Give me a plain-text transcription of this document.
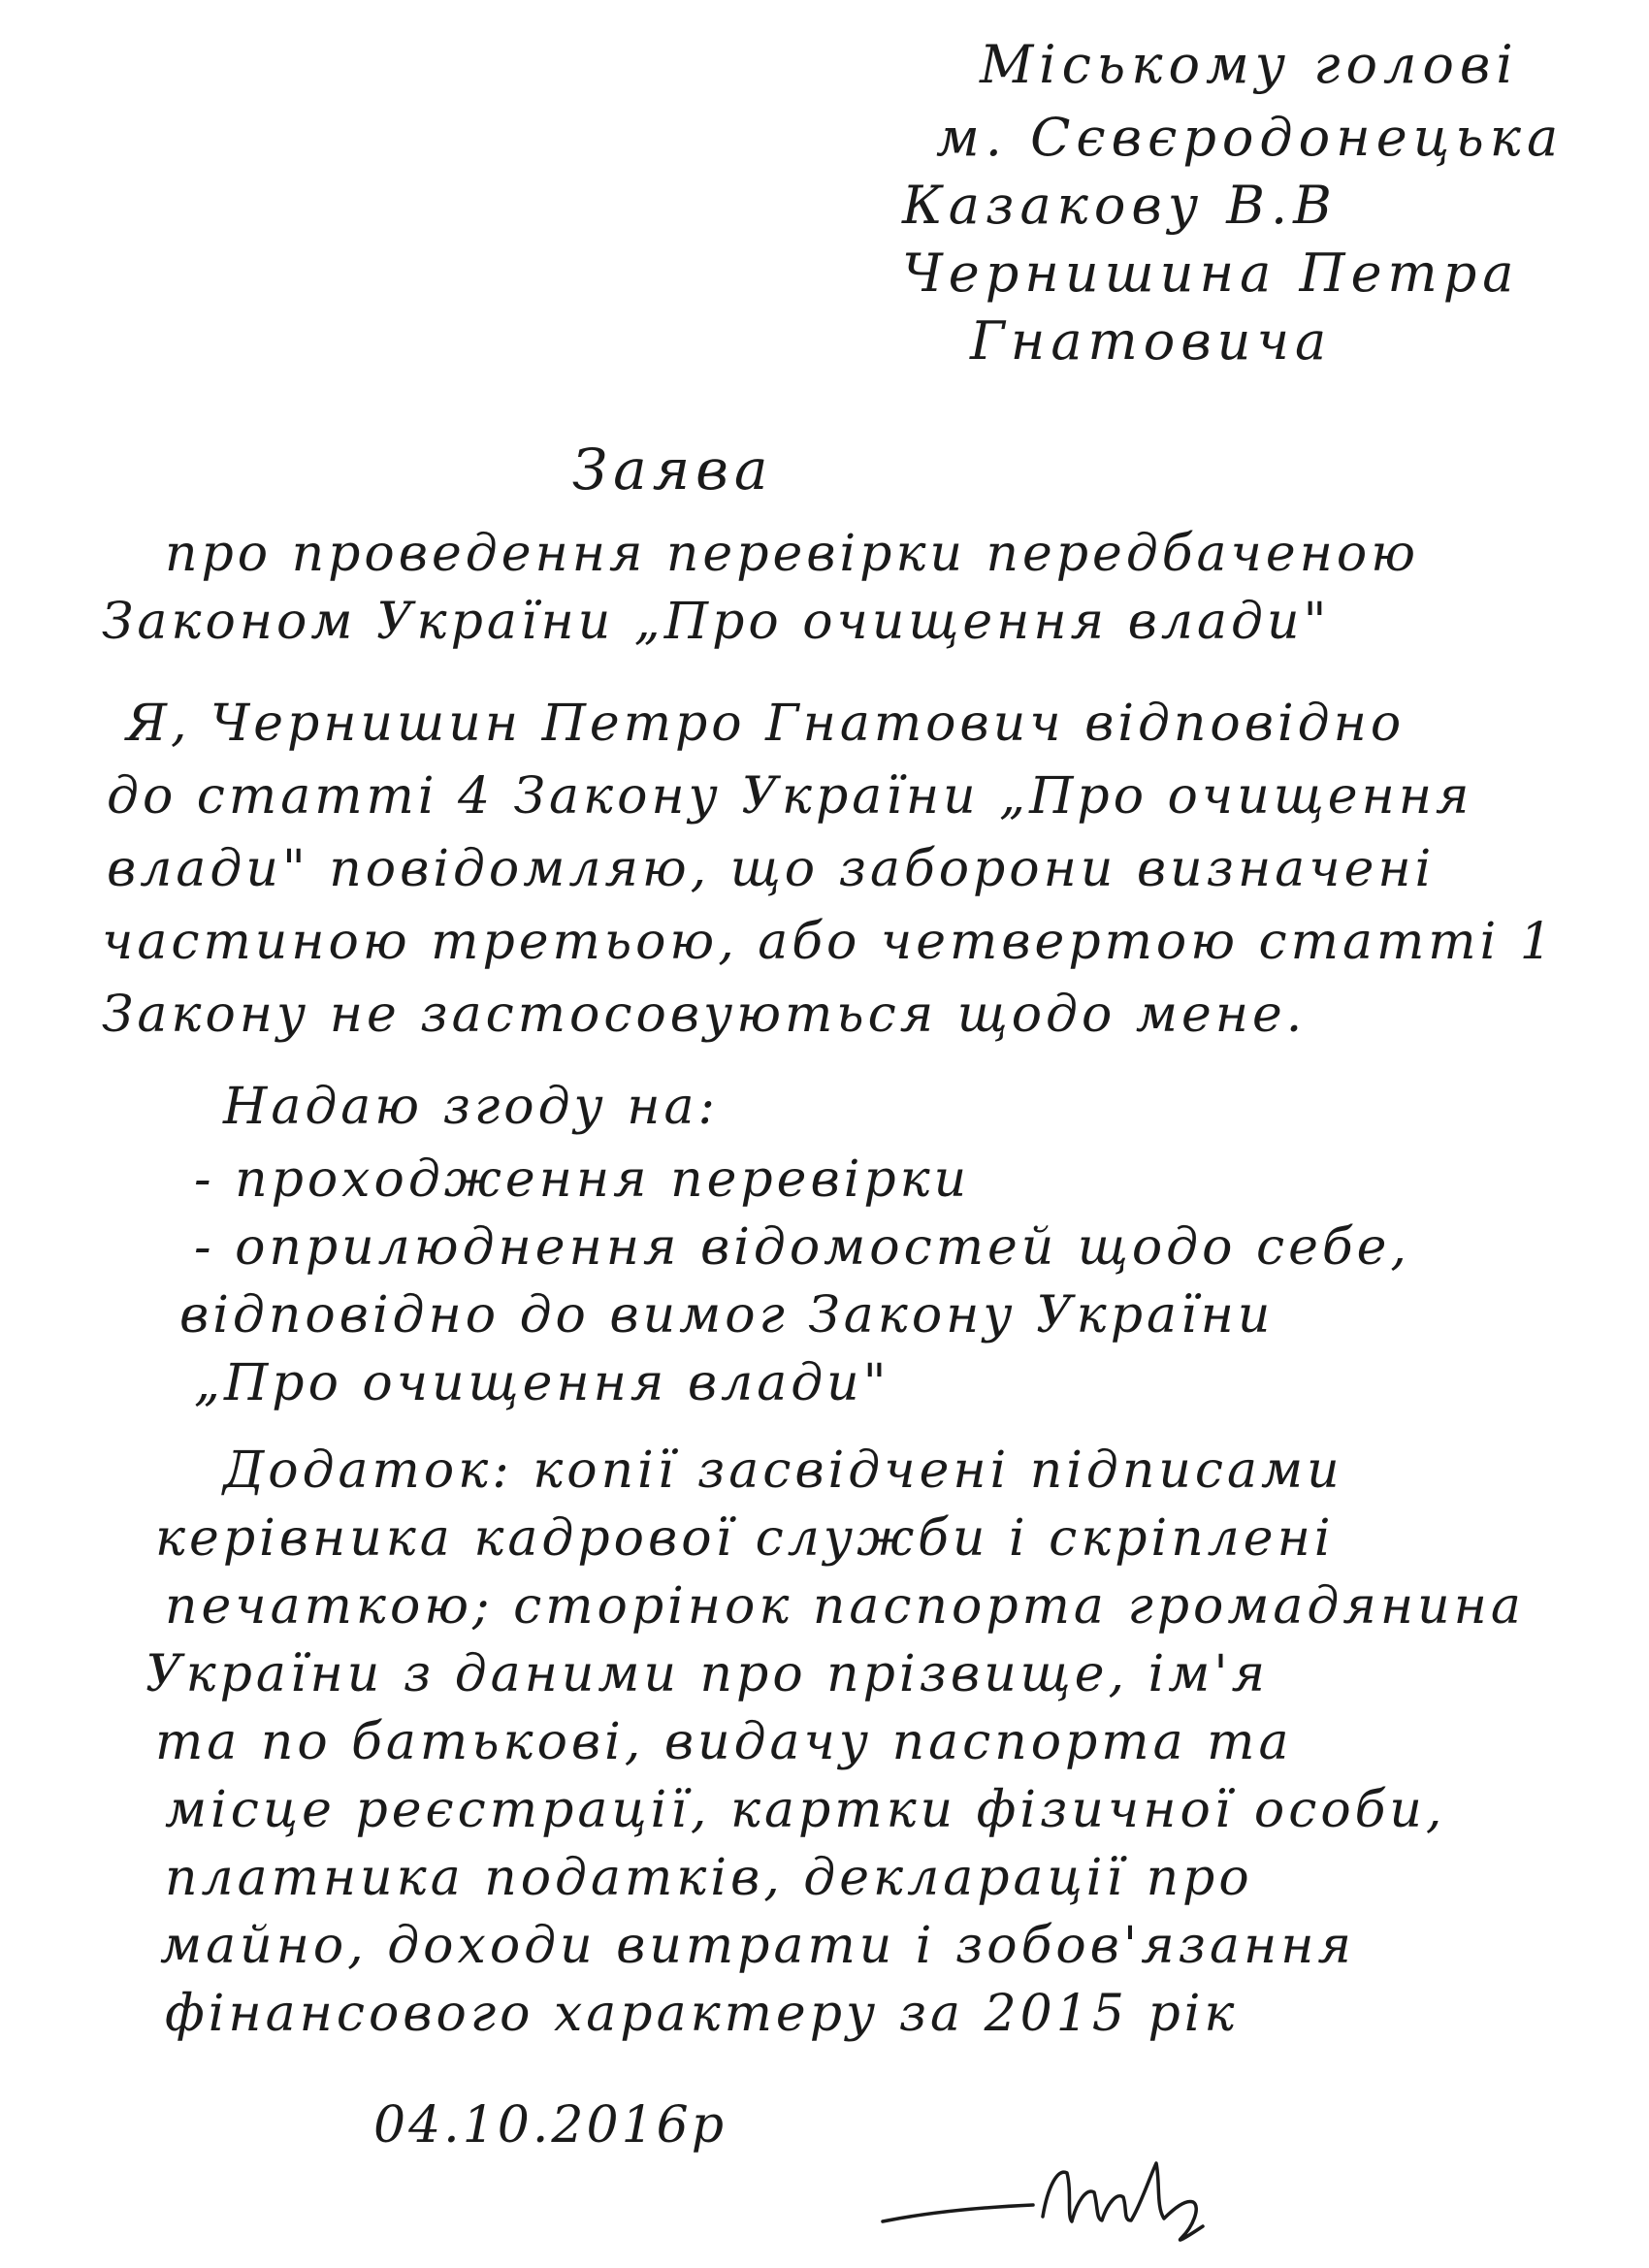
Міському голові
м. Сєвєродонецька
Казакову В.В
Чернишина Петра
Гнатовича
Заява
про проведення перевірки передбаченою
Законом України „Про очищення влади"
Я, Чернишин Петро Гнатович відповідно
до статті 4 Закону України „Про очищення
влади" повідомляю, що заборони визначені
частиною третьою, або четвертою статті 1
Закону не застосовуються щодо мене.
Надаю згоду на:
- проходження перевірки
- оприлюднення відомостей щодо себе,
відповідно до вимог Закону України
„Про очищення влади"
Додаток: копії засвідчені підписами
керівника кадрової служби і скріплені
печаткою; сторінок паспорта громадянина
України з даними про прізвище, ім'я
та по батькові, видачу паспорта та
місце реєстрації, картки фізичної особи,
платника податків, декларації про
майно, доходи витрати і зобов'язання
фінансового характеру за 2015 рік
04.10.2016р
